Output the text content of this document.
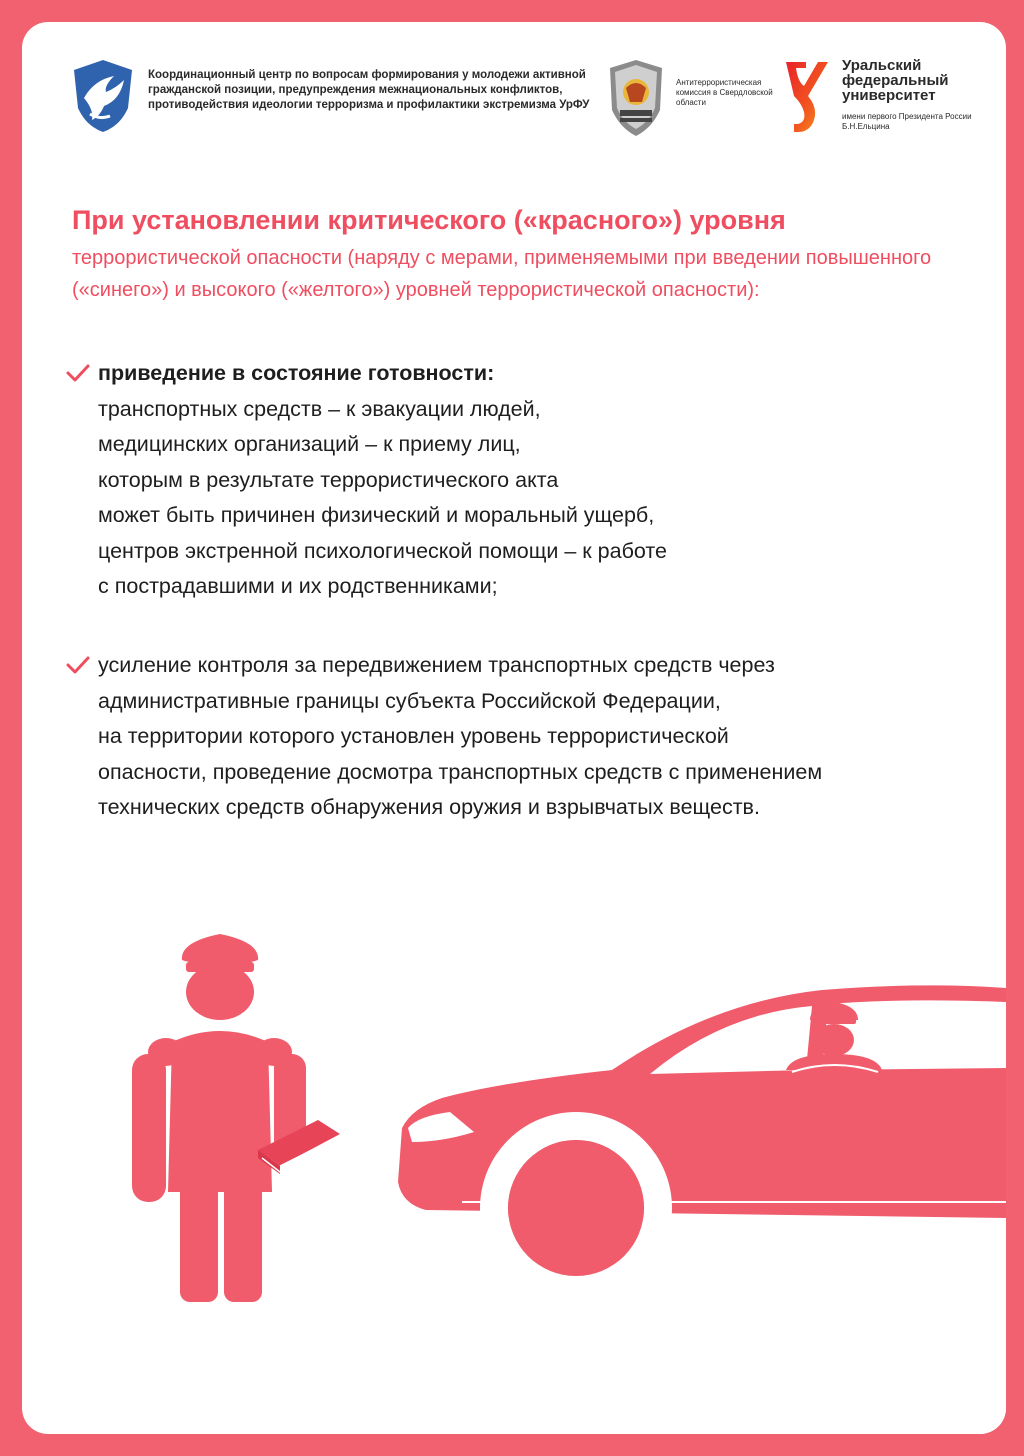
Координационный центр по вопросам формирования у молодежи активной гражданской позиции, предупреждения межнациональных конфликтов, противодействия идеологии терроризма и профилактики экстремизма УрФУ
Антитеррористическая комиссия в Свердловской области
Уральский федеральный университет
имени первого Президента России Б.Н.Ельцина
При установлении критического («красного») уровня

террористической опасности (наряду с мерами, применяемыми при введении повышенного («синего») и высокого («желтого») уровней террористической опасности):

приведение в состояние готовности:
транспортных средств – к эвакуации людей,
медицинских организаций – к приему лиц,
которым в результате террористического акта
может быть причинен физический и моральный ущерб,
центров экстренной психологической помощи – к работе
с пострадавшими и их родственниками;
усиление контроля за передвижением транспортных средств через
административные границы субъекта Российской Федерации,
на территории которого установлен уровень террористической
опасности, проведение досмотра транспортных средств с применением
технических средств обнаружения оружия и взрывчатых веществ.
